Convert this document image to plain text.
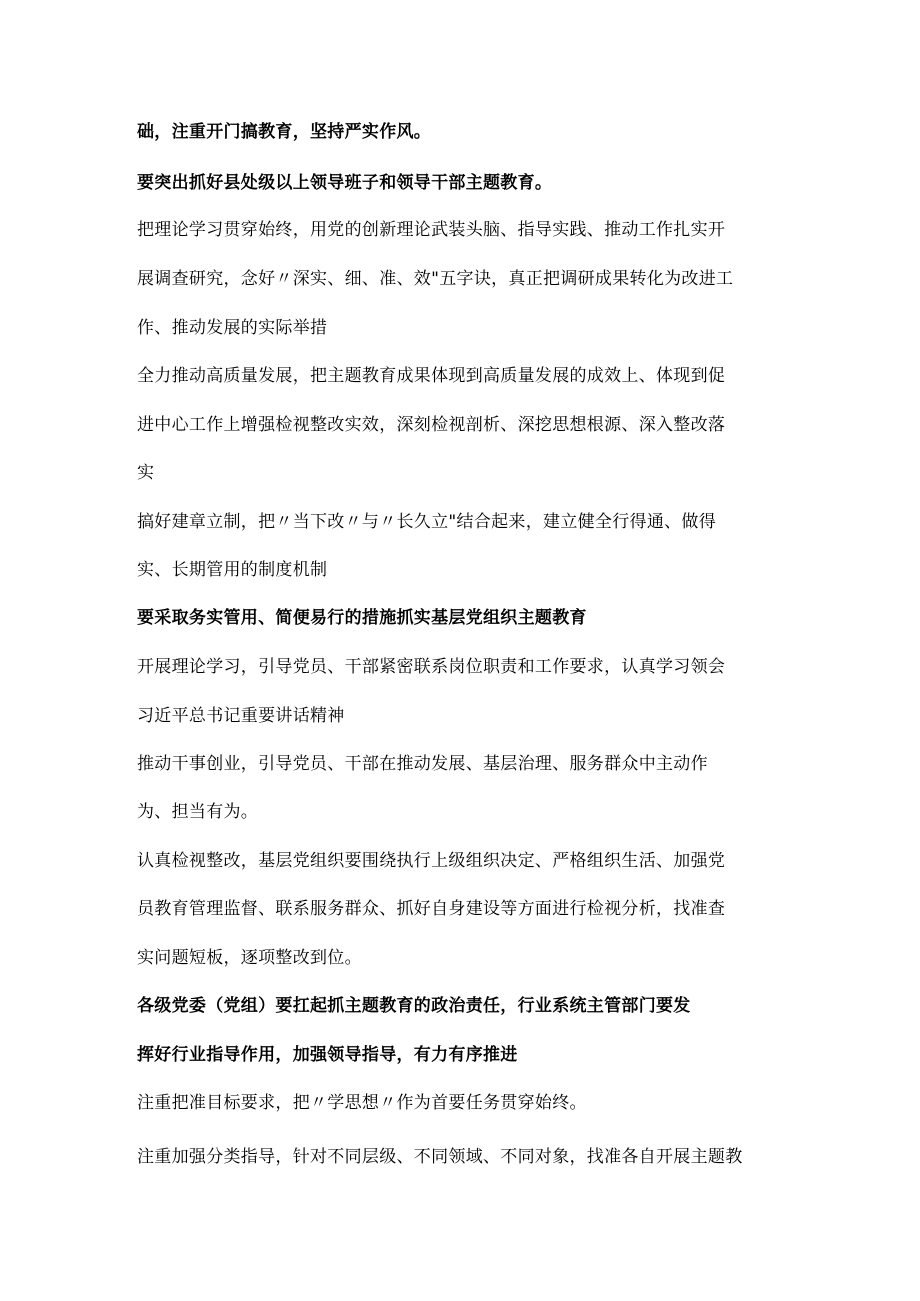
础，注重开门搞教育，坚持严实作风。
要突出抓好县处级以上领导班子和领导干部主题教育。
把理论学习贯穿始终，用党的创新理论武装头脑、指导实践、推动工作扎实开
展调查研究，念好〃深实、细、准、效"五字诀，真正把调研成果转化为改进工
作、推动发展的实际举措
全力推动高质量发展，把主题教育成果体现到高质量发展的成效上、体现到促
进中心工作上增强检视整改实效，深刻检视剖析、深挖思想根源、深入整改落
实
搞好建章立制，把〃当下改〃与〃长久立"结合起来，建立健全行得通、做得
实、长期管用的制度机制
要采取务实管用、简便易行的措施抓实基层党组织主题教育
开展理论学习，引导党员、干部紧密联系岗位职责和工作要求，认真学习领会
习近平总书记重要讲话精神
推动干事创业，引导党员、干部在推动发展、基层治理、服务群众中主动作
为、担当有为。
认真检视整改，基层党组织要围绕执行上级组织决定、严格组织生活、加强党
员教育管理监督、联系服务群众、抓好自身建设等方面进行检视分析，找准查
实问题短板，逐项整改到位。
各级党委（党组）要扛起抓主题教育的政治责任，行业系统主管部门要发
挥好行业指导作用，加强领导指导，有力有序推进
注重把准目标要求，把〃学思想〃作为首要任务贯穿始终。
注重加强分类指导，针对不同层级、不同领域、不同对象，找准各自开展主题教
